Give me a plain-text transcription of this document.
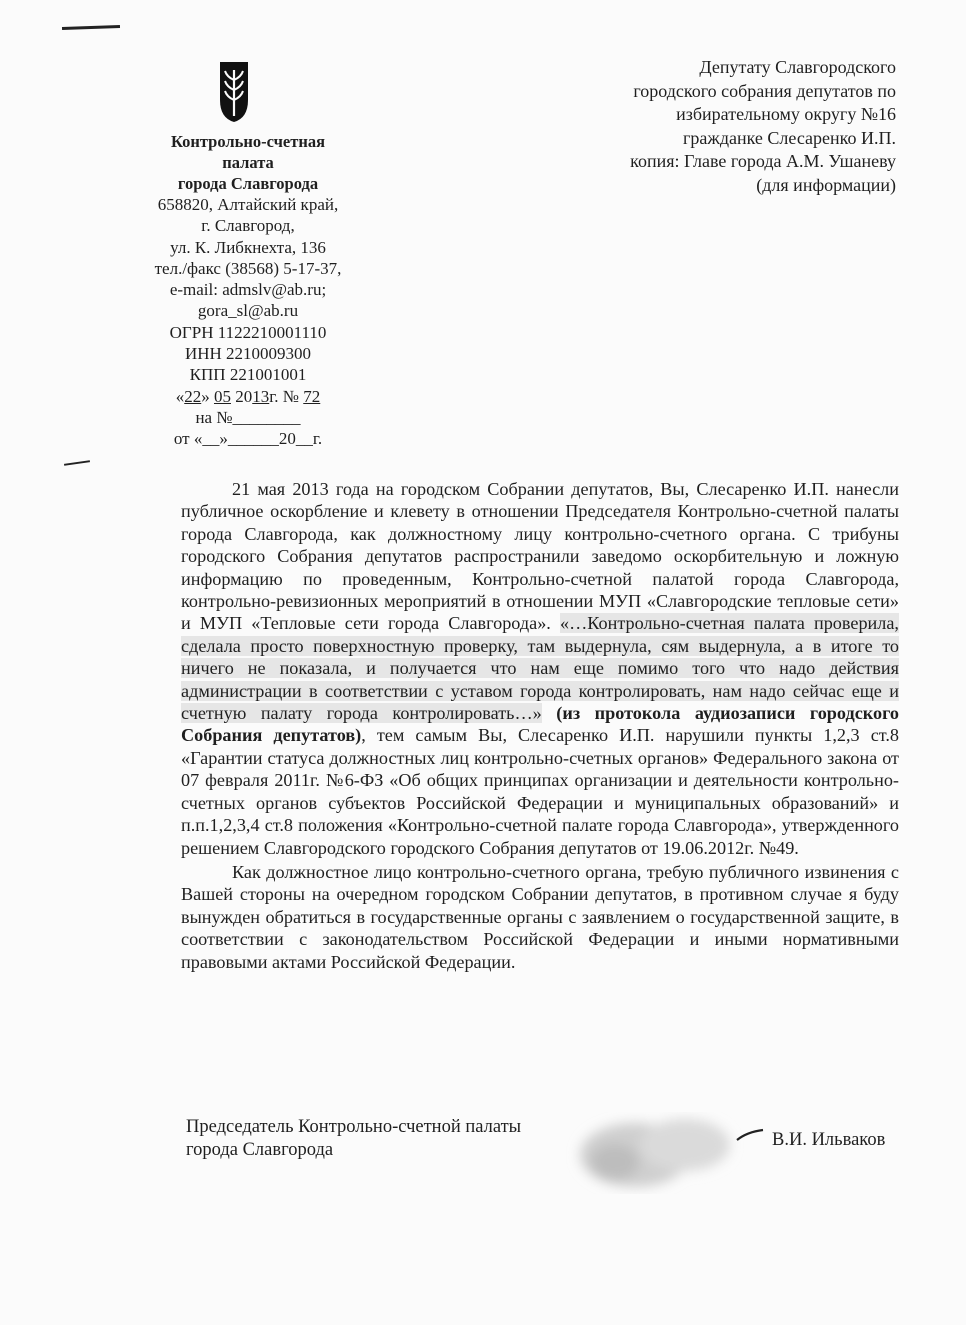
Контрольно-счетная
палата
города Славгорода
658820, Алтайский край,
г. Славгород,
ул. К. Либкнехта, 136
тел./факс (38568) 5-17-37,
e-mail: admslv@ab.ru;
gora_sl@ab.ru
ОГРН 1122210001110
ИНН 2210009300
КПП 221001001
«22» 05 2013г. № 72
на №________
от «__»______20__г.
Депутату Славгородского
городского собрания депутатов по
избирательному округу №16
гражданке Слесаренко И.П.
копия: Главе города А.М. Ушаневу
(для информации)

21 мая 2013 года на городском Собрании депутатов, Вы, Слесаренко И.П. нанесли публичное оскорбление и клевету в отношении Председателя Контрольно-счетной палаты города Славгорода, как должностному лицу контрольно-счетного органа. С трибуны городского Собрания депутатов распространили заведомо оскорбительную и ложную информацию по проведенным, Контрольно-счетной палатой города Славгорода, контрольно-ревизионных мероприятий в отношении МУП «Славгородские тепловые сети» и МУП «Тепловые сети города Славгорода». «…Контрольно-счетная палата проверила, сделала просто поверхностную проверку, там выдернула, сям выдернула, а в итоге то ничего не показала, и получается что нам еще помимо того что надо действия администрации в соответствии с уставом города контролировать, нам надо сейчас еще и счетную палату города контролировать…» (из протокола аудиозаписи городского Собрания депутатов), тем самым Вы, Слесаренко И.П. нарушили пункты 1,2,3 ст.8 «Гарантии статуса должностных лиц контрольно-счетных органов» Федерального закона от 07 февраля 2011г. №6-ФЗ «Об общих принципах организации и деятельности контрольно-счетных органов субъектов Российской Федерации и муниципальных образований» и п.п.1,2,3,4 ст.8 положения «Контрольно-счетной палате города Славгорода», утвержденного решением Славгородского городского Собрания депутатов от 19.06.2012г. №49.

Как должностное лицо контрольно-счетного органа, требую публичного извинения с Вашей стороны на очередном городском Собрании депутатов, в противном случае я буду вынужден обратиться в государственные органы с заявлением о государственной защите, в соответствии с законодательством Российской Федерации и иными нормативными правовыми актами Российской Федерации.

Председатель Контрольно-счетной палаты
города Славгорода	В.И. Ильваков
